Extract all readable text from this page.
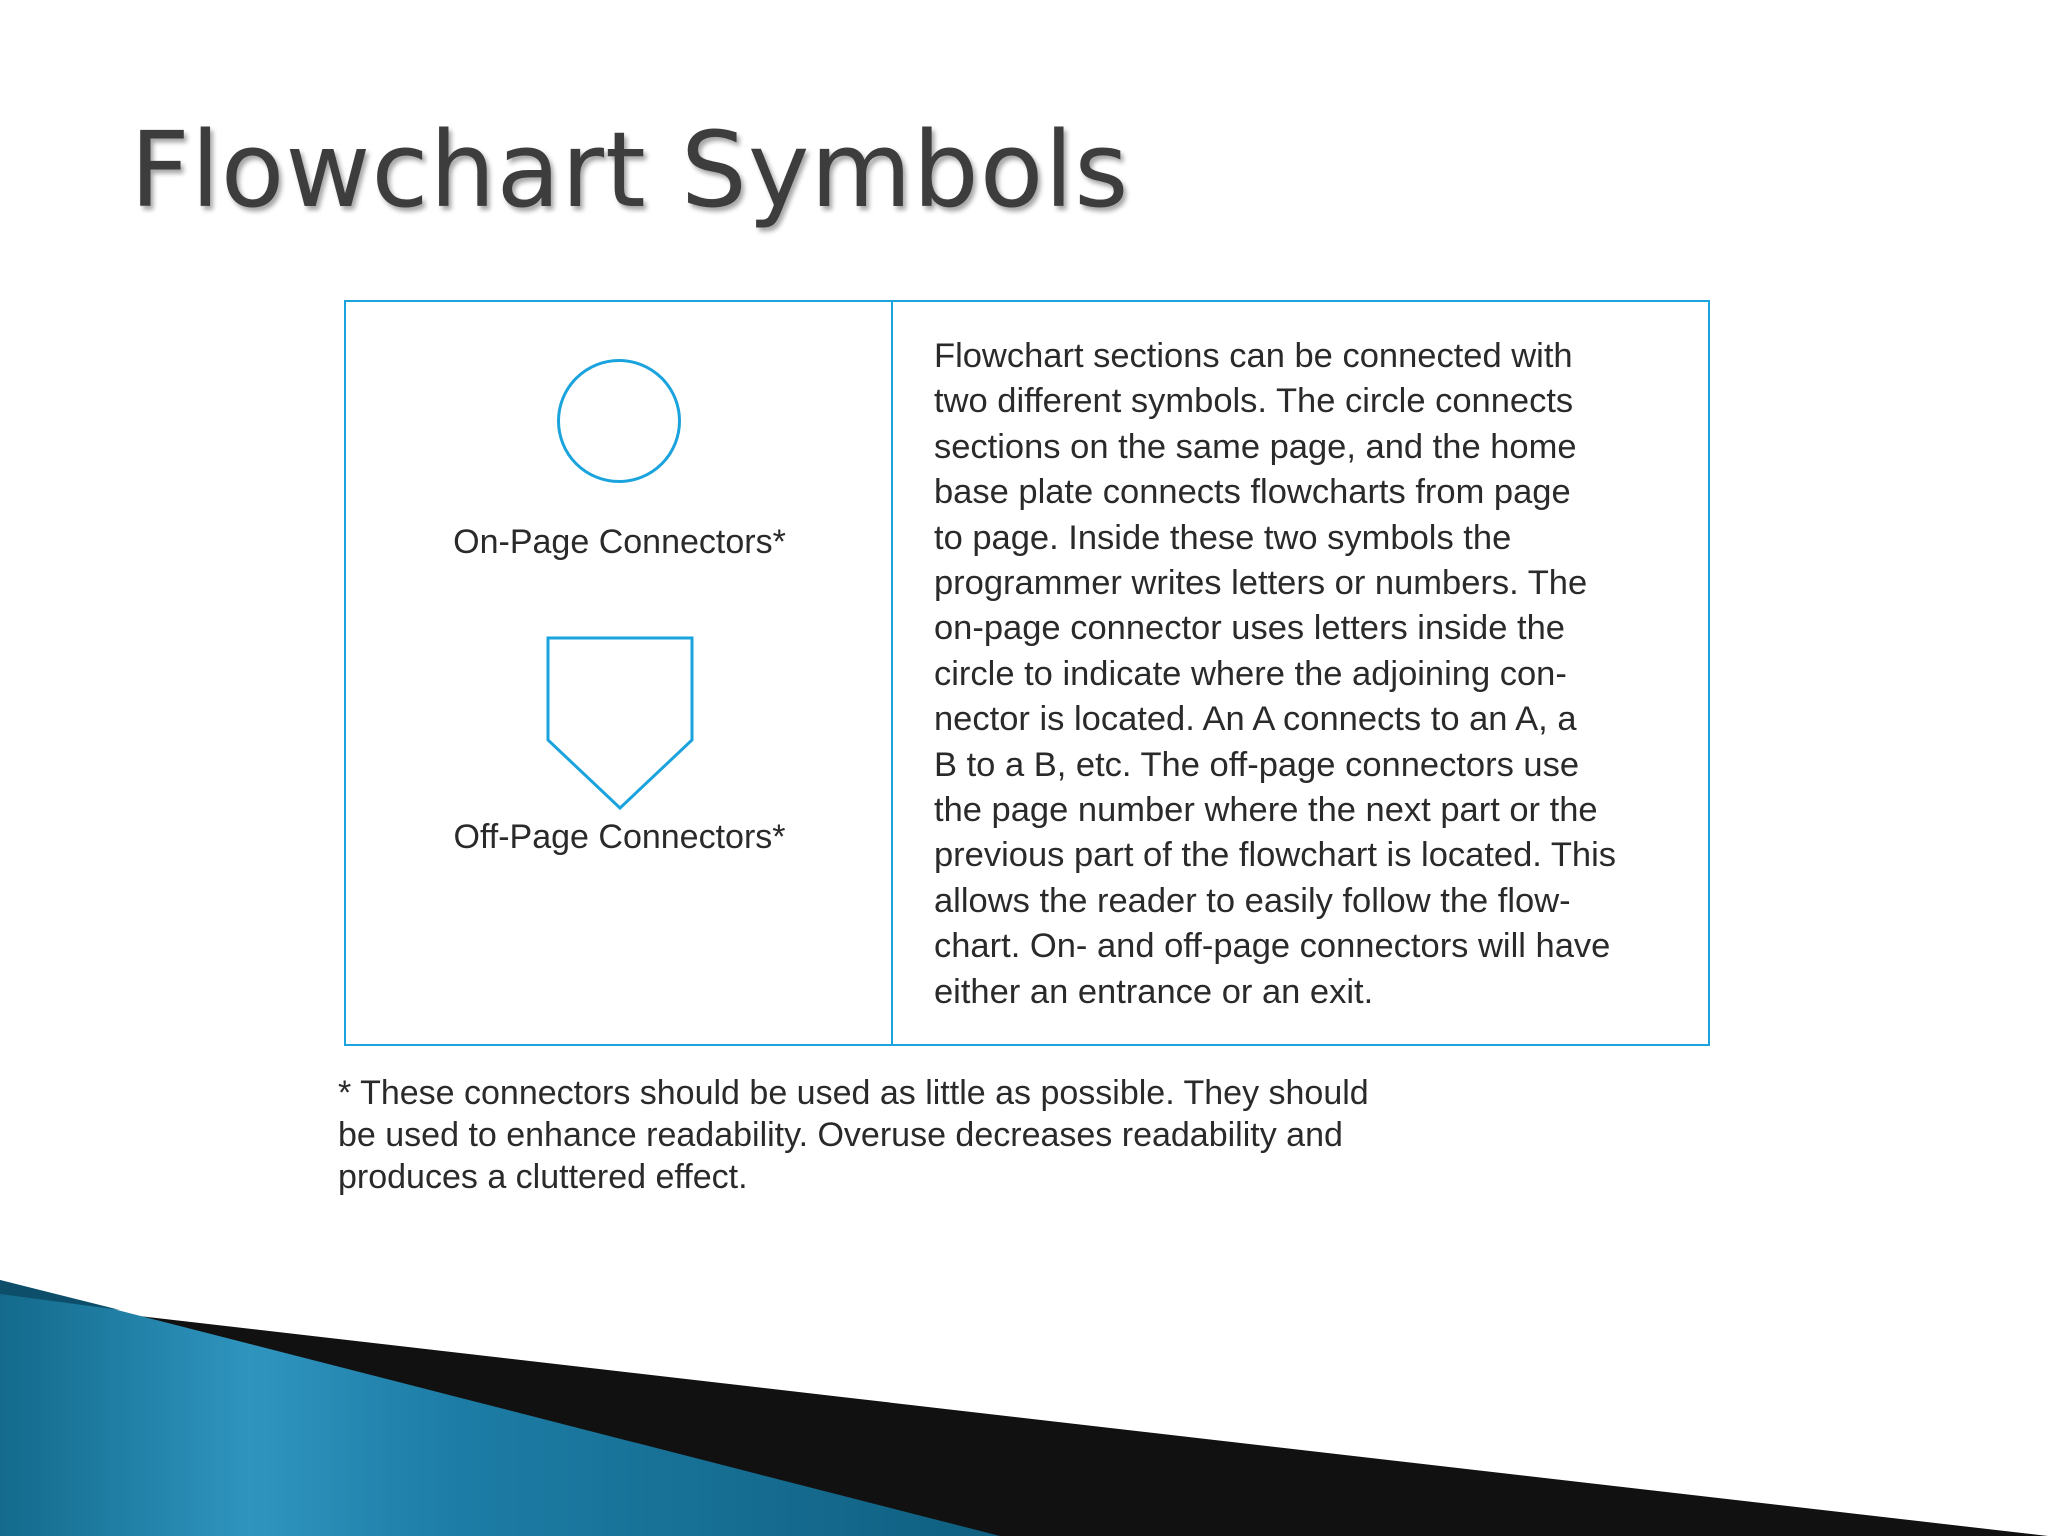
Flowchart Symbols
On-Page Connectors*
Off-Page Connectors*

Flowchart sections can be connected with
two different symbols. The circle connects
sections on the same page, and the home
base plate connects flowcharts from page
to page. Inside these two symbols the
programmer writes letters or numbers. The
on-page connector uses letters inside the
circle to indicate where the adjoining con-
nector is located. An A connects to an A, a
B to a B, etc. The off-page connectors use
the page number where the next part or the
previous part of the flowchart is located. This
allows the reader to easily follow the flow-
chart. On- and off-page connectors will have
either an entrance or an exit.

* These connectors should be used as little as possible. They should
be used to enhance readability. Overuse decreases readability and
produces a cluttered effect.
